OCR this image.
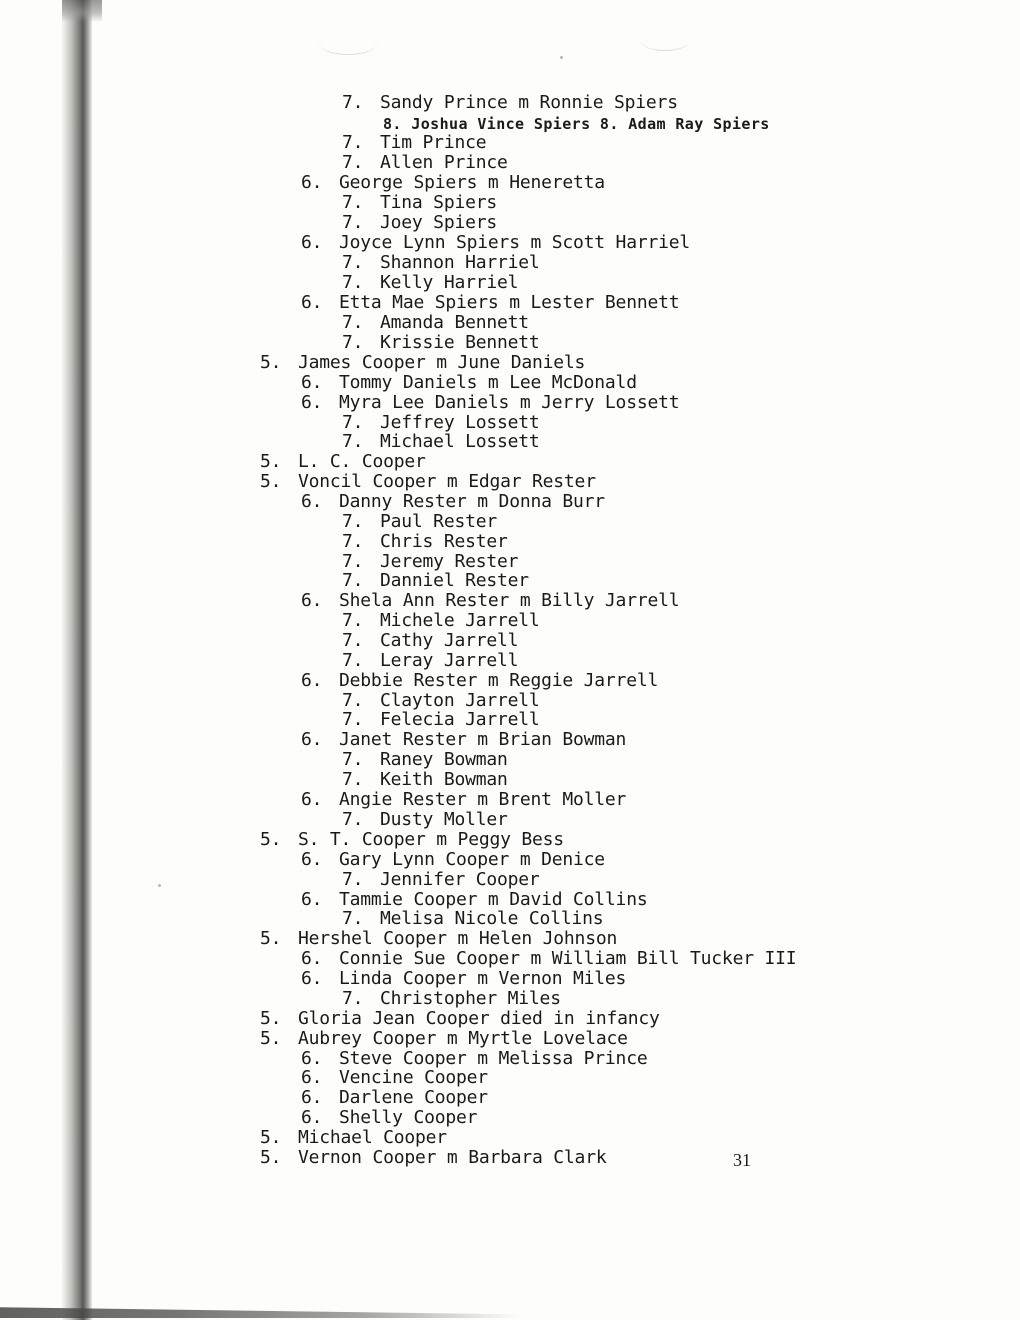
7. Sandy Prince m Ronnie Spiers
8. Joshua Vince Spiers 8. Adam Ray Spiers
7. Tim Prince
7. Allen Prince
6. George Spiers m Heneretta
7. Tina Spiers
7. Joey Spiers
6. Joyce Lynn Spiers m Scott Harriel
7. Shannon Harriel
7. Kelly Harriel
6. Etta Mae Spiers m Lester Bennett
7. Amanda Bennett
7. Krissie Bennett
5. James Cooper m June Daniels
6. Tommy Daniels m Lee McDonald
6. Myra Lee Daniels m Jerry Lossett
7. Jeffrey Lossett
7. Michael Lossett
5. L. C. Cooper
5. Voncil Cooper m Edgar Rester
6. Danny Rester m Donna Burr
7. Paul Rester
7. Chris Rester
7. Jeremy Rester
7. Danniel Rester
6. Shela Ann Rester m Billy Jarrell
7. Michele Jarrell
7. Cathy Jarrell
7. Leray Jarrell
6. Debbie Rester m Reggie Jarrell
7. Clayton Jarrell
7. Felecia Jarrell
6. Janet Rester m Brian Bowman
7. Raney Bowman
7. Keith Bowman
6. Angie Rester m Brent Moller
7. Dusty Moller
5. S. T. Cooper m Peggy Bess
6. Gary Lynn Cooper m Denice
7. Jennifer Cooper
6. Tammie Cooper m David Collins
7. Melisa Nicole Collins
5. Hershel Cooper m Helen Johnson
6. Connie Sue Cooper m William Bill Tucker III
6. Linda Cooper m Vernon Miles
7. Christopher Miles
5. Gloria Jean Cooper died in infancy
5. Aubrey Cooper m Myrtle Lovelace
6. Steve Cooper m Melissa Prince
6. Vencine Cooper
6. Darlene Cooper
6. Shelly Cooper
5. Michael Cooper
5. Vernon Cooper m Barbara Clark	31
